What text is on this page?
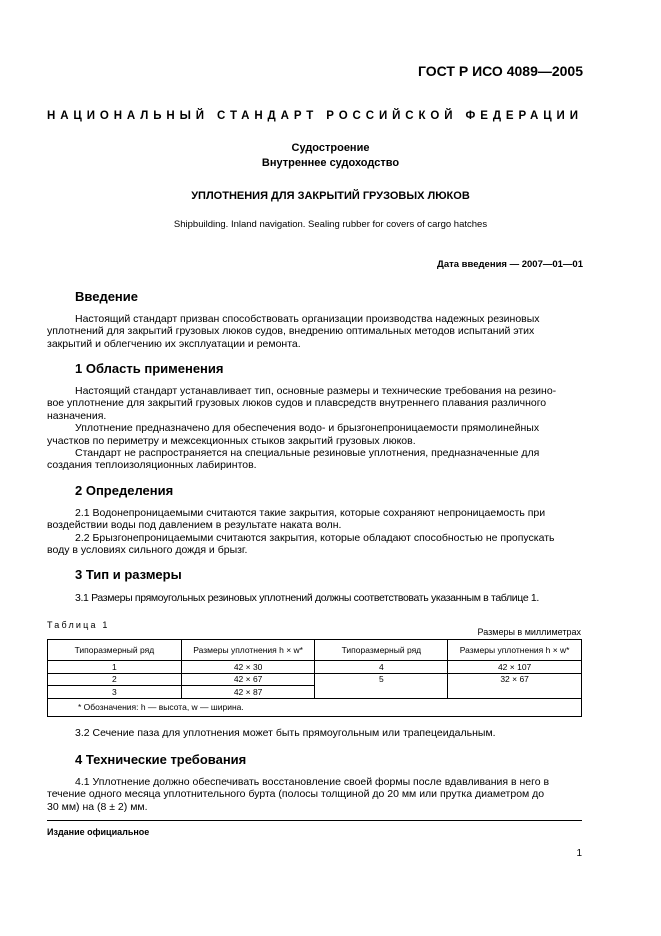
ГОСТ Р ИСО 4089—2005
НАЦИОНАЛЬНЫЙ СТАНДАРТ РОССИЙСКОЙ ФЕДЕРАЦИИ
Судостроение
Внутреннее судоходство
УПЛОТНЕНИЯ ДЛЯ ЗАКРЫТИЙ ГРУЗОВЫХ ЛЮКОВ
Shipbuilding. Inland navigation. Sealing rubber for covers of cargo hatches
Дата введения — 2007—01—01
Введение
Настоящий стандарт призван способствовать организации производства надежных резиновых
уплотнений для закрытий грузовых люков судов, внедрению оптимальных методов испытаний этих
закрытий и облегчению их эксплуатации и ремонта.
1 Область применения
Настоящий стандарт устанавливает тип, основные размеры и технические требования на резино-
вое уплотнение для закрытий грузовых люков судов и плавсредств внутреннего плавания различного
назначения.
Уплотнение предназначено для обеспечения водо- и брызгонепроницаемости прямолинейных
участков по периметру и межсекционных стыков закрытий грузовых люков.
Стандарт не распространяется на специальные резиновые уплотнения, предназначенные для
создания теплоизоляционных лабиринтов.
2 Определения
2.1 Водонепроницаемыми считаются такие закрытия, которые сохраняют непроницаемость при
воздействии воды под давлением в результате наката волн.
2.2 Брызгонепроницаемыми считаются закрытия, которые обладают способностью не пропускать
воду в условиях сильного дождя и брызг.
3 Тип и размеры
3.1 Размеры прямоугольных резиновых уплотнений должны соответствовать указанным в таблице 1.
Таблица 1
Размеры в миллиметрах
Типоразмерный ряд	Размеры уплотнения h × w*	Типоразмерный ряд	Размеры уплотнения h × w*
1	42 × 30	4	42 × 107
2	42 × 67	5	32 × 67
3	42 × 87		
* Обозначения: h — высота, w — ширина.			
3.2 Сечение паза для уплотнения может быть прямоугольным или трапецеидальным.
4 Технические требования
4.1 Уплотнение должно обеспечивать восстановление своей формы после вдавливания в него в
течение одного месяца уплотнительного бурта (полосы толщиной до 20 мм или прутка диаметром до
30 мм) на (8 ± 2) мм.
Издание официальное
1
